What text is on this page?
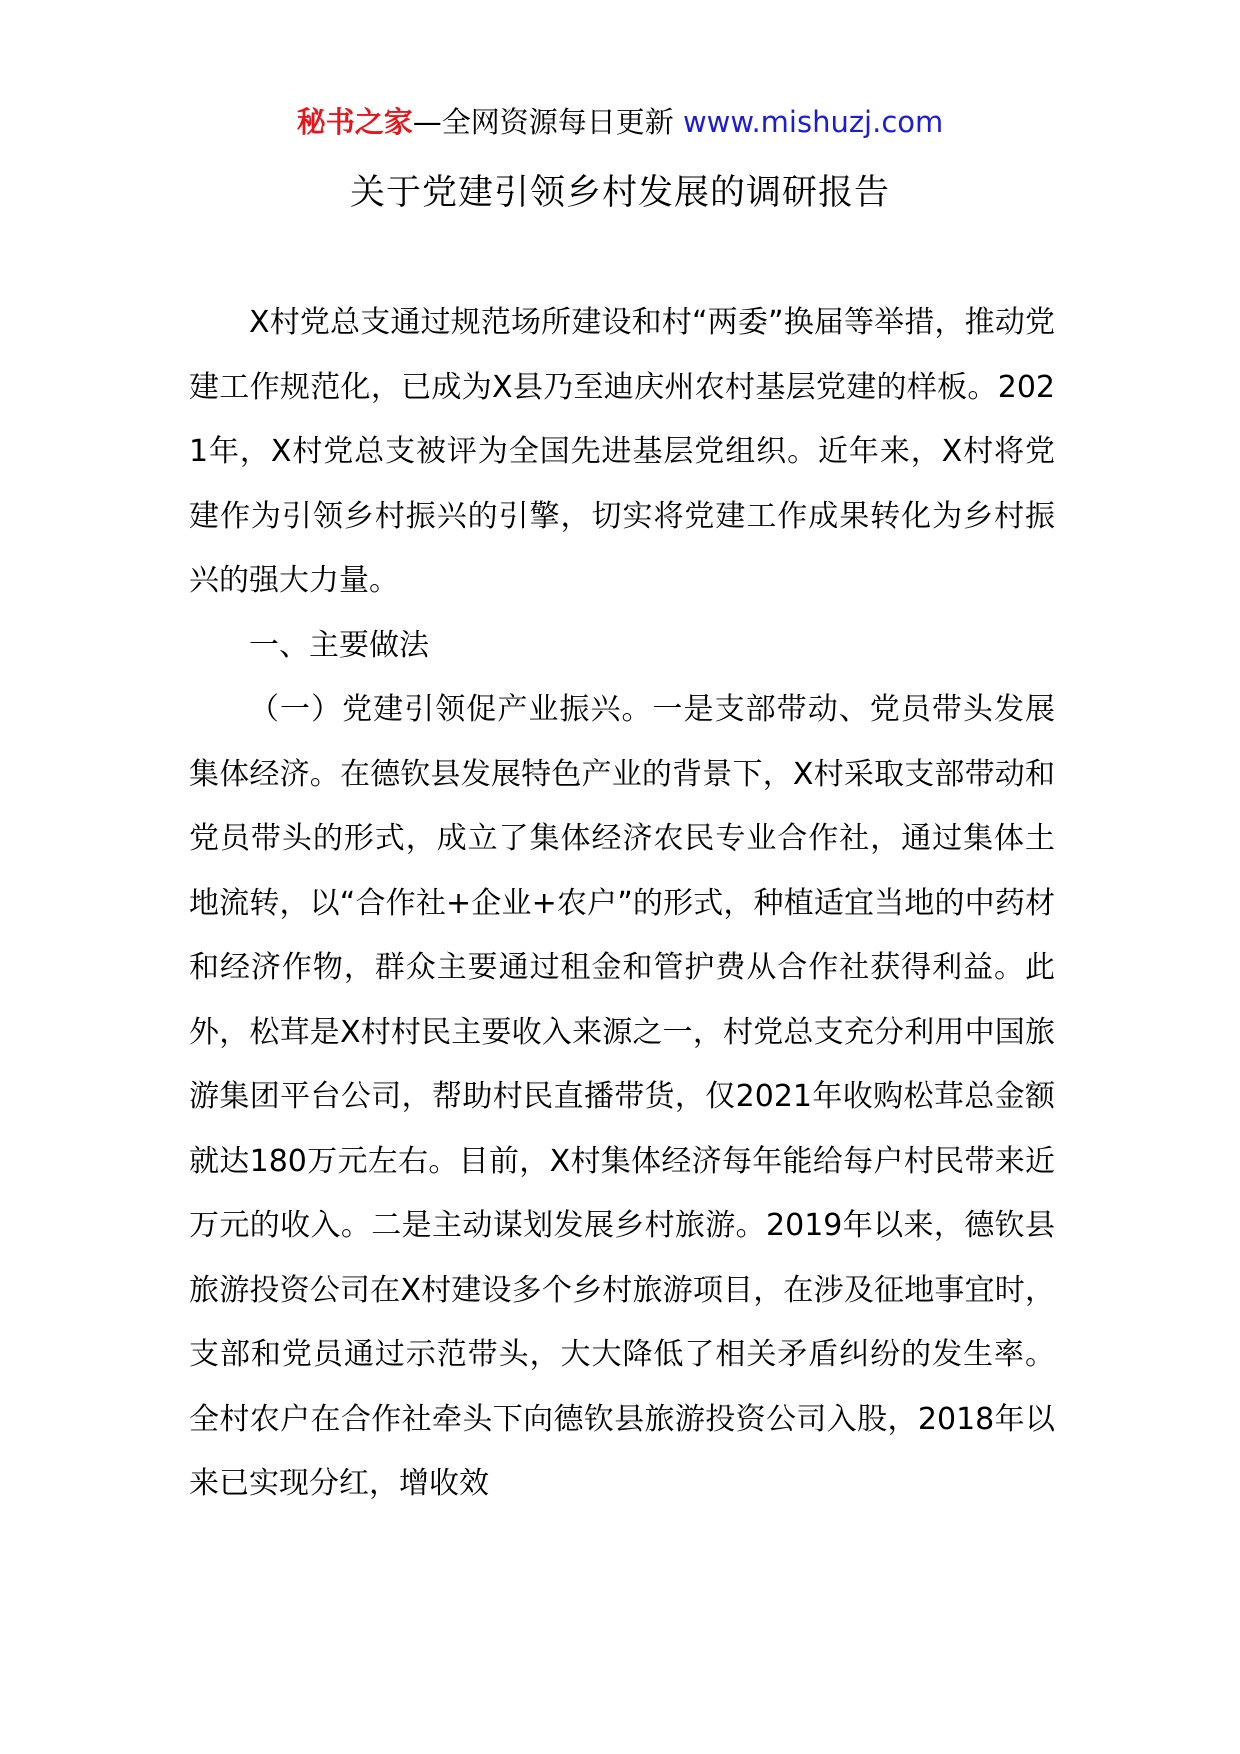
秘书之家—全网资源每日更新 www.mishuzj.com
关于党建引领乡村发展的调研报告

X村党总支通过规范场所建设和村“两委”换届等举措，推动党建工作规范化，已成为X县乃至迪庆州农村基层党建的样板。2021年，X村党总支被评为全国先进基层党组织。近年来，X村将党建作为引领乡村振兴的引擎，切实将党建工作成果转化为乡村振兴的强大力量。

一、主要做法

（一）党建引领促产业振兴。一是支部带动、党员带头发展集体经济。在德钦县发展特色产业的背景下，X村采取支部带动和党员带头的形式，成立了集体经济农民专业合作社，通过集体土地流转，以“合作社+企业+农户”的形式，种植适宜当地的中药材和经济作物，群众主要通过租金和管护费从合作社获得利益。此外，松茸是X村村民主要收入来源之一，村党总支充分利用中国旅游集团平台公司，帮助村民直播带货，仅2021年收购松茸总金额就达180万元左右。目前，X村集体经济每年能给每户村民带来近万元的收入。二是主动谋划发展乡村旅游。2019年以来，德钦县旅游投资公司在X村建设多个乡村旅游项目，在涉及征地事宜时，支部和党员通过示范带头，大大降低了相关矛盾纠纷的发生率。全村农户在合作社牵头下向德钦县旅游投资公司入股，2018年以来已实现分红，增收效
